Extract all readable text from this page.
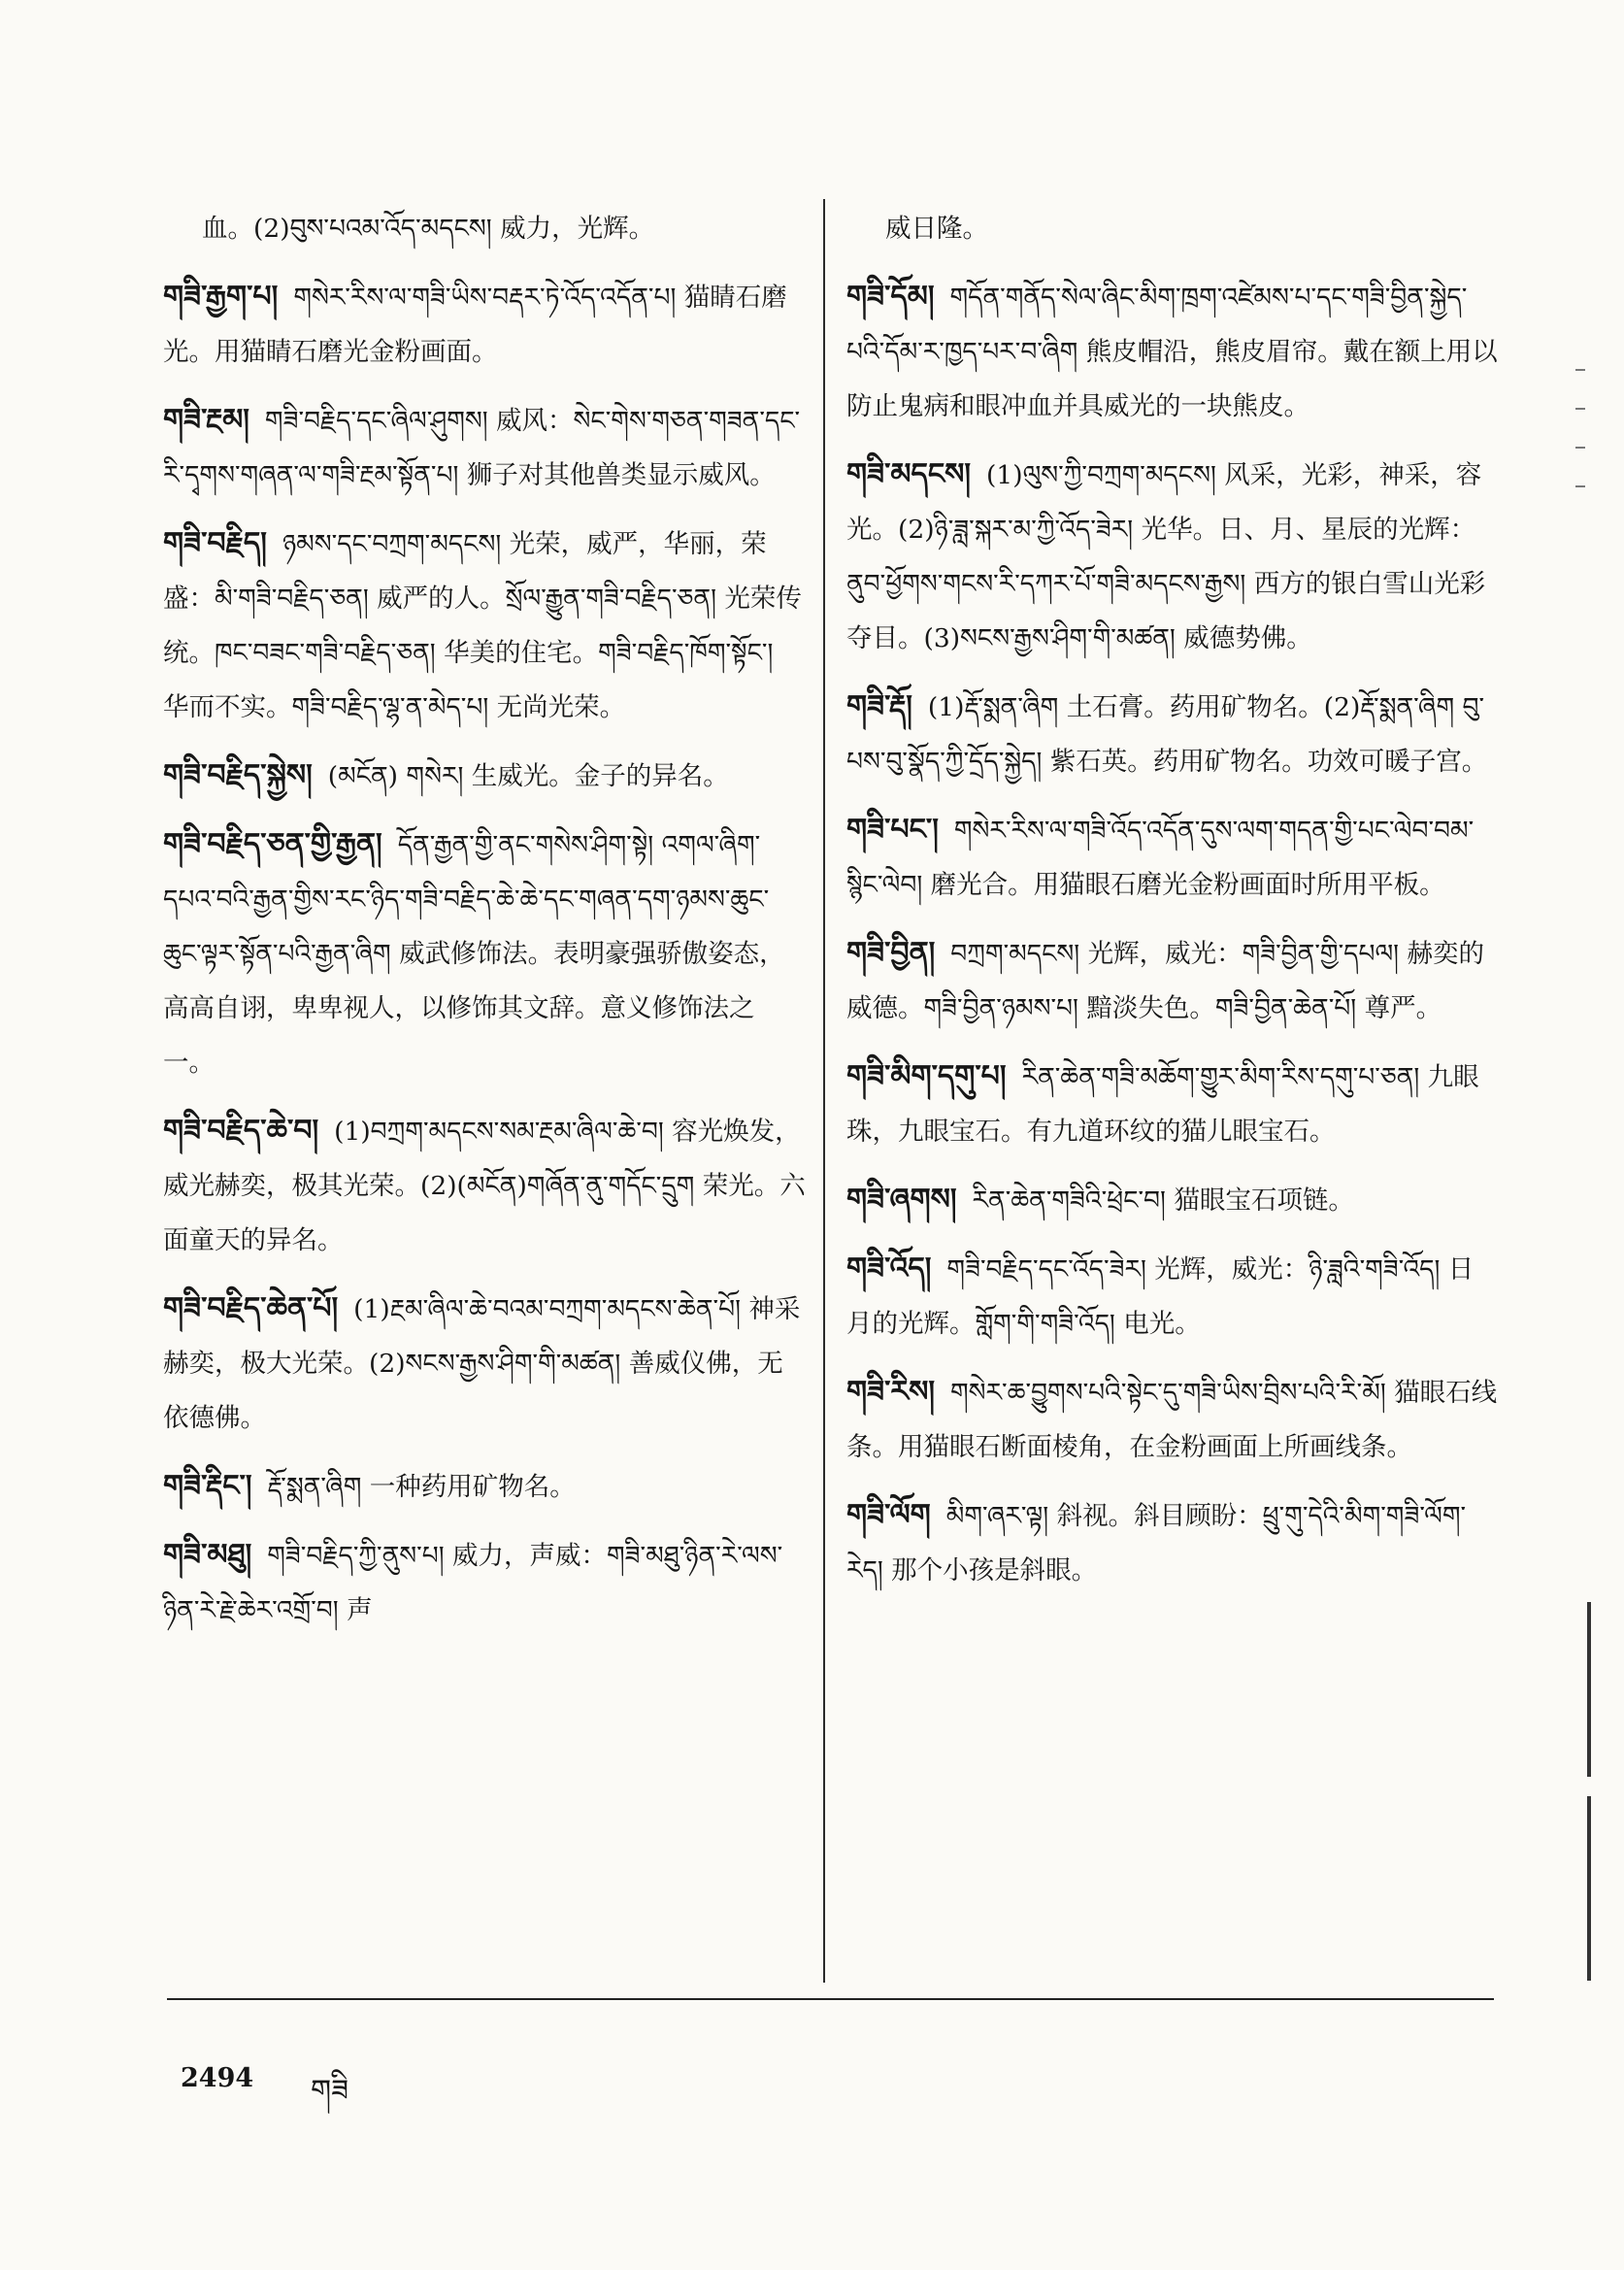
血。(2)བུས་པའམ་འོད་མདངས། 威力，光辉。
གཟི་རྒྱག་པ། གསེར་རིས་ལ་གཟི་ཡིས་བརྡར་ཏེ་འོད་འདོན་པ། 猫睛石磨光。用猫睛石磨光金粉画面。
གཟི་རྔམ། གཟི་བརྗིད་དང་ཞིལ་ཤུགས། 威风：སེང་གེས་གཅན་གཟན་དང་རི་དྭགས་གཞན་ལ་གཟི་རྔམ་སྟོན་པ། 狮子对其他兽类显示威风。
གཟི་བརྗིད། ཉམས་དང་བཀྲག་མདངས། 光荣，威严，华丽，荣盛：མི་གཟི་བརྗིད་ཅན། 威严的人。སྲོལ་རྒྱུན་གཟི་བརྗིད་ཅན། 光荣传统。ཁང་བཟང་གཟི་བརྗིད་ཅན། 华美的住宅。གཟི་བརྗིད་ཁོག་སྟོང་། 华而不实。གཟི་བརྗིད་ལྷ་ན་མེད་པ། 无尚光荣。
གཟི་བརྗིད་སྐྱེས། (མངོན) གསེར། 生威光。金子的异名。
གཟི་བརྗིད་ཅན་གྱི་རྒྱན། དོན་རྒྱན་གྱི་ནང་གསེས་ཤིག་སྟེ། འགལ་ཞིག་དཔའ་བའི་རྒྱན་གྱིས་རང་ཉིད་གཟི་བརྗིད་ཆེ་ཆེ་དང་གཞན་དག་ཉམས་ཆུང་ཆུང་ལྟར་སྟོན་པའི་རྒྱན་ཞིག 威武修饰法。表明豪强骄傲姿态，高高自诩，卑卑视人，以修饰其文辞。意义修饰法之一。
གཟི་བརྗིད་ཆེ་བ། (1)བཀྲག་མདངས་སམ་རྔམ་ཞིལ་ཆེ་བ། 容光焕发，威光赫奕，极其光荣。(2)(མངོན)གཞོན་ནུ་གདོང་དྲུག 荣光。六面童天的异名。
གཟི་བརྗིད་ཆེན་པོ། (1)རྔམ་ཞིལ་ཆེ་བའམ་བཀྲག་མདངས་ཆེན་པོ། 神采赫奕，极大光荣。(2)སངས་རྒྱས་ཤིག་གི་མཚན། 善威仪佛，无依德佛。
གཟི་རྡིང་། རྡོ་སྨན་ཞིག 一种药用矿物名。
གཟི་མཐུ། གཟི་བརྗིད་ཀྱི་ནུས་པ། 威力，声威：གཟི་མཐུ་ཉིན་རེ་ལས་ཉིན་རེ་རྗེ་ཆེར་འགྲོ་བ། 声
威日隆。
གཟི་དོམ། གདོན་གནོད་སེལ་ཞིང་མིག་ཁྲག་འཛེམས་པ་དང་གཟི་བྱིན་སྐྱེད་པའི་དོམ་ར་ཁྱད་པར་བ་ཞིག 熊皮帽沿，熊皮眉帘。戴在额上用以防止鬼病和眼冲血并具威光的一块熊皮。
གཟི་མདངས། (1)ལུས་ཀྱི་བཀྲག་མདངས། 风采，光彩，神采，容光。(2)ཉི་ཟླ་སྐར་མ་ཀྱི་འོད་ཟེར། 光华。日、月、星辰的光辉：ནུབ་ཕྱོགས་གངས་རི་དཀར་པོ་གཟི་མདངས་རྒྱས། 西方的银白雪山光彩夺目。(3)སངས་རྒྱས་ཤིག་གི་མཚན། 威德势佛。
གཟི་རྡོ། (1)རྡོ་སྨན་ཞིག 土石膏。药用矿物名。(2)རྡོ་སྨན་ཞིག བུ་པས་བུ་སྣོད་ཀྱི་དྲོད་སྐྱེད། 紫石英。药用矿物名。功效可暖子宫。
གཟི་པང་། གསེར་རིས་ལ་གཟི་འོད་འདོན་དུས་ལག་གདན་གྱི་པང་ལེབ་བམ་སྙིང་ལེབ། 磨光合。用猫眼石磨光金粉画面时所用平板。
གཟི་བྱིན། བཀྲག་མདངས། 光辉，威光：གཟི་བྱིན་གྱི་དཔལ། 赫奕的威德。གཟི་བྱིན་ཉམས་པ། 黯淡失色。གཟི་བྱིན་ཆེན་པོ། 尊严。
གཟི་མིག་དགུ་པ། རིན་ཆེན་གཟི་མཆོག་གྱུར་མིག་རིས་དགུ་པ་ཅན། 九眼珠，九眼宝石。有九道环纹的猫儿眼宝石。
གཟི་ཞགས། རིན་ཆེན་གཟིའི་ཕྲེང་བ། 猫眼宝石项链。
གཟི་འོད། གཟི་བརྗིད་དང་འོད་ཟེར། 光辉，威光：ཉི་ཟླའི་གཟི་འོད། 日月的光辉。གློག་གི་གཟི་འོད། 电光。
གཟི་རིས། གསེར་ཆ་བྱུགས་པའི་སྟེང་དུ་གཟི་ཡིས་བྲིས་པའི་རི་མོ། 猫眼石线条。用猫眼石断面棱角，在金粉画面上所画线条。
གཟི་ལོག མིག་ཞར་ལྟ། 斜视。斜目顾盼：ཕྲུ་གུ་དེའི་མིག་གཟི་ལོག་རེད། 那个小孩是斜眼。
2494 གཟི
